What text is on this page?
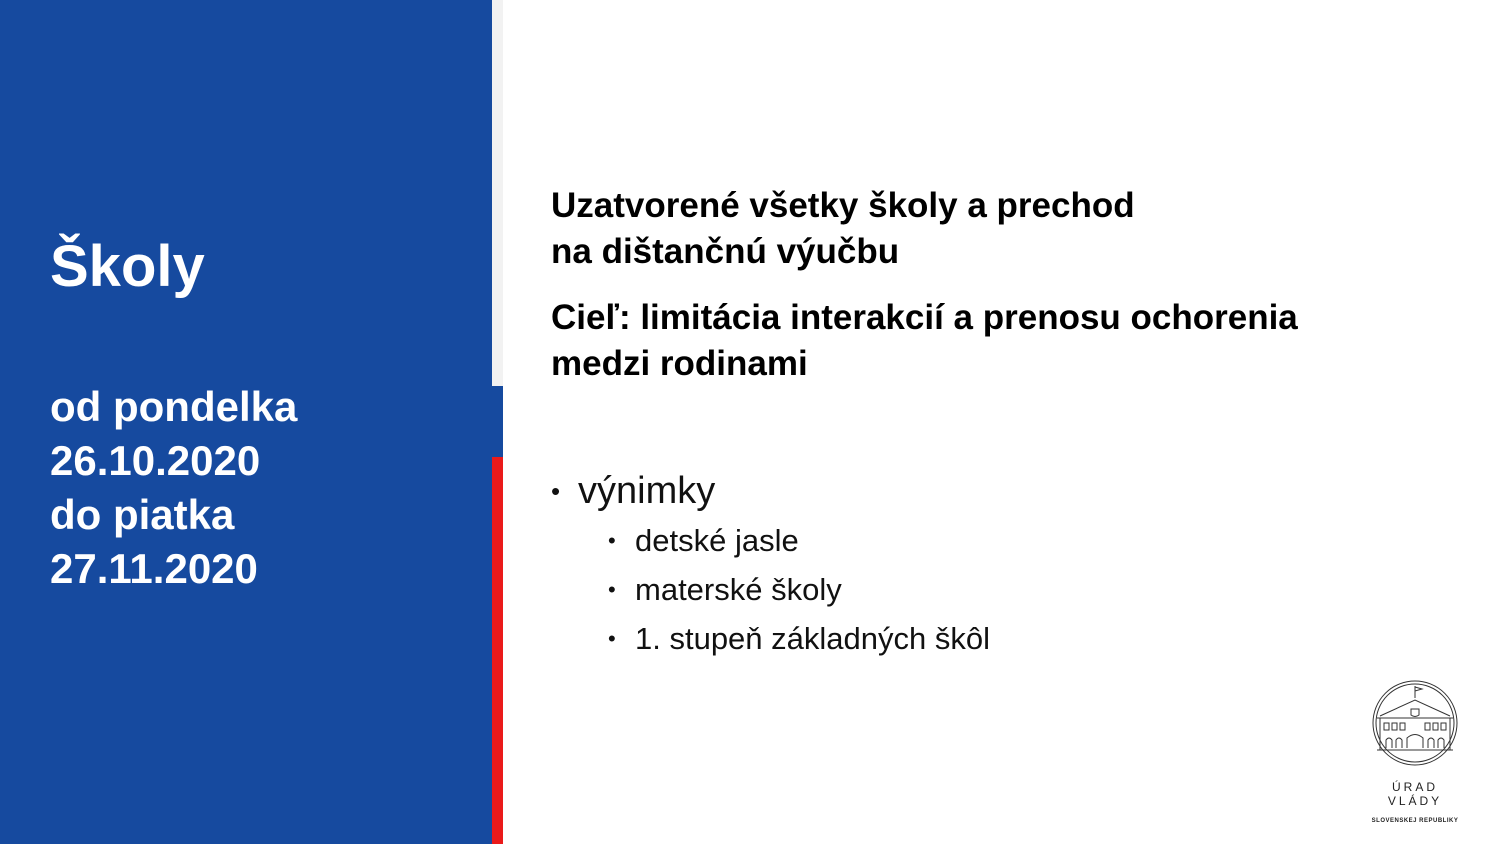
Školy
od pondelka
26.10.2020
do piatka
27.11.2020
Uzatvorené všetky školy a prechod
na dištančnú výučbu
Cieľ: limitácia interakcií a prenosu ochorenia
medzi rodinami
• výnimky
• detské jasle
• materské školy
• 1. stupeň základných škôl
ÚRAD VLÁDY
SLOVENSKEJ REPUBLIKY
